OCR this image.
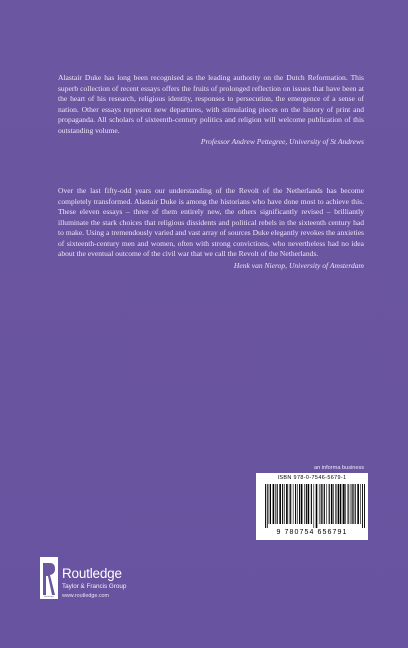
Alastair Duke has long been recognised as the leading authority on the Dutch Reformation. This superb collection of recent essays offers the fruits of prolonged reflection on issues that have been at the heart of his research, religious identity, responses to persecution, the emergence of a sense of nation. Other essays represent new departures, with stimulating pieces on the history of print and propaganda. All scholars of sixteenth-century politics and religion will welcome publication of this outstanding volume.

Professor Andrew Pettegree, University of St Andrews

Over the last fifty-odd years our understanding of the Revolt of the Netherlands has become completely transformed. Alastair Duke is among the historians who have done most to achieve this. These eleven essays – three of them entirely new, the others significantly revised – brilliantly illuminate the stark choices that religious dissidents and political rebels in the sixteenth century had to make. Using a tremendously varied and vast array of sources Duke elegantly revokes the anxieties of sixteenth-century men and women, often with strong convictions, who nevertheless had no idea about the eventual outcome of the civil war that we call the Revolt of the Netherlands.

Henk van Nierop, University of Amsterdam
an informa business
ISBN 978-0-7546-5679-1
9 780754 656791
Routledge
Routledge
Taylor & Francis Group
www.routledge.com
